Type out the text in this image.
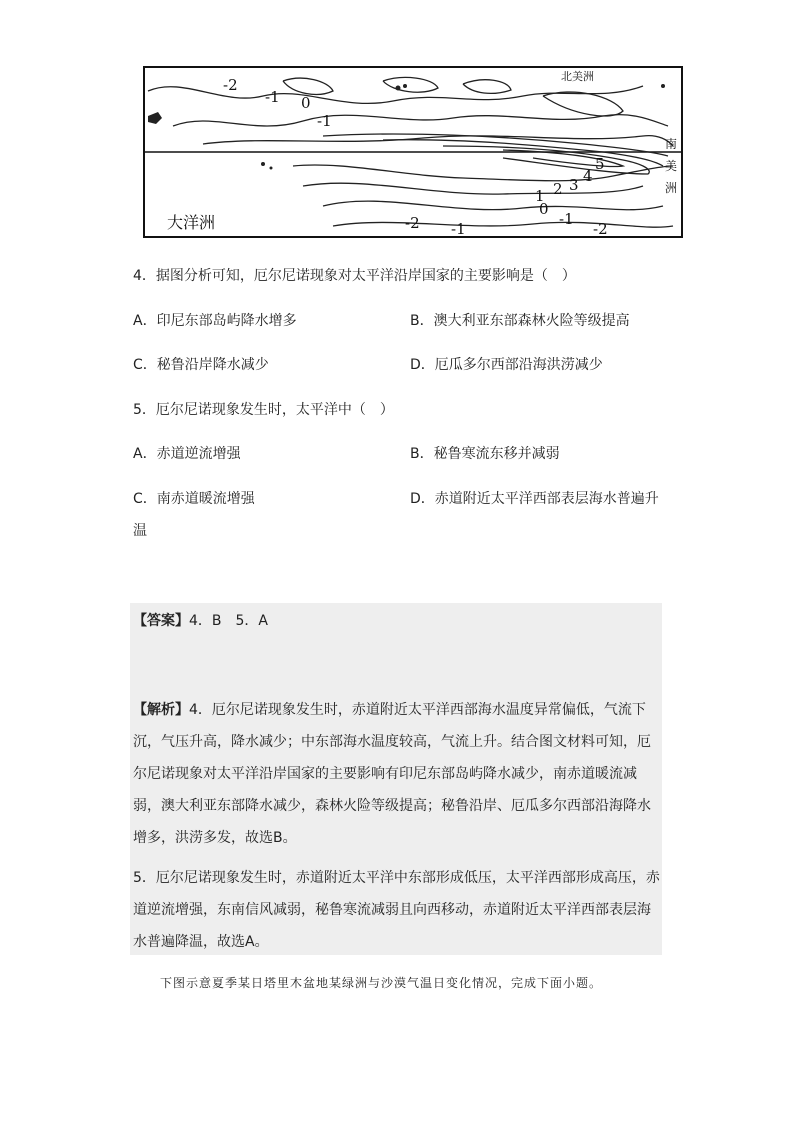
-2
-1 0
-1
5
4
3
2
1
0
-1
-2 -1	-2
北美洲
南
美
洲
大洋洲
4．据图分析可知，厄尔尼诺现象对太平洋沿岸国家的主要影响是（　）
A．印尼东部岛屿降水增多	B．澳大利亚东部森林火险等级提高
C．秘鲁沿岸降水减少	D．厄瓜多尔西部沿海洪涝减少
5．厄尔尼诺现象发生时，太平洋中（　）
A．赤道逆流增强	B．秘鲁寒流东移并减弱
C．南赤道暖流增强	D．赤道附近太平洋西部表层海水普遍升
温
【答案】4．B　5．A

【解析】4．厄尔尼诺现象发生时，赤道附近太平洋西部海水温度异常偏低，气流下沉，气压升高，降水减少；中东部海水温度较高，气流上升。结合图文材料可知，厄尔尼诺现象对太平洋沿岸国家的主要影响有印尼东部岛屿降水减少，南赤道暖流减弱，澳大利亚东部降水减少，森林火险等级提高；秘鲁沿岸、厄瓜多尔西部沿海降水增多，洪涝多发，故选B。

5．厄尔尼诺现象发生时，赤道附近太平洋中东部形成低压，太平洋西部形成高压，赤道逆流增强，东南信风减弱，秘鲁寒流减弱且向西移动，赤道附近太平洋西部表层海水普遍降温，故选A。

下图示意夏季某日塔里木盆地某绿洲与沙漠气温日变化情况，完成下面小题。
